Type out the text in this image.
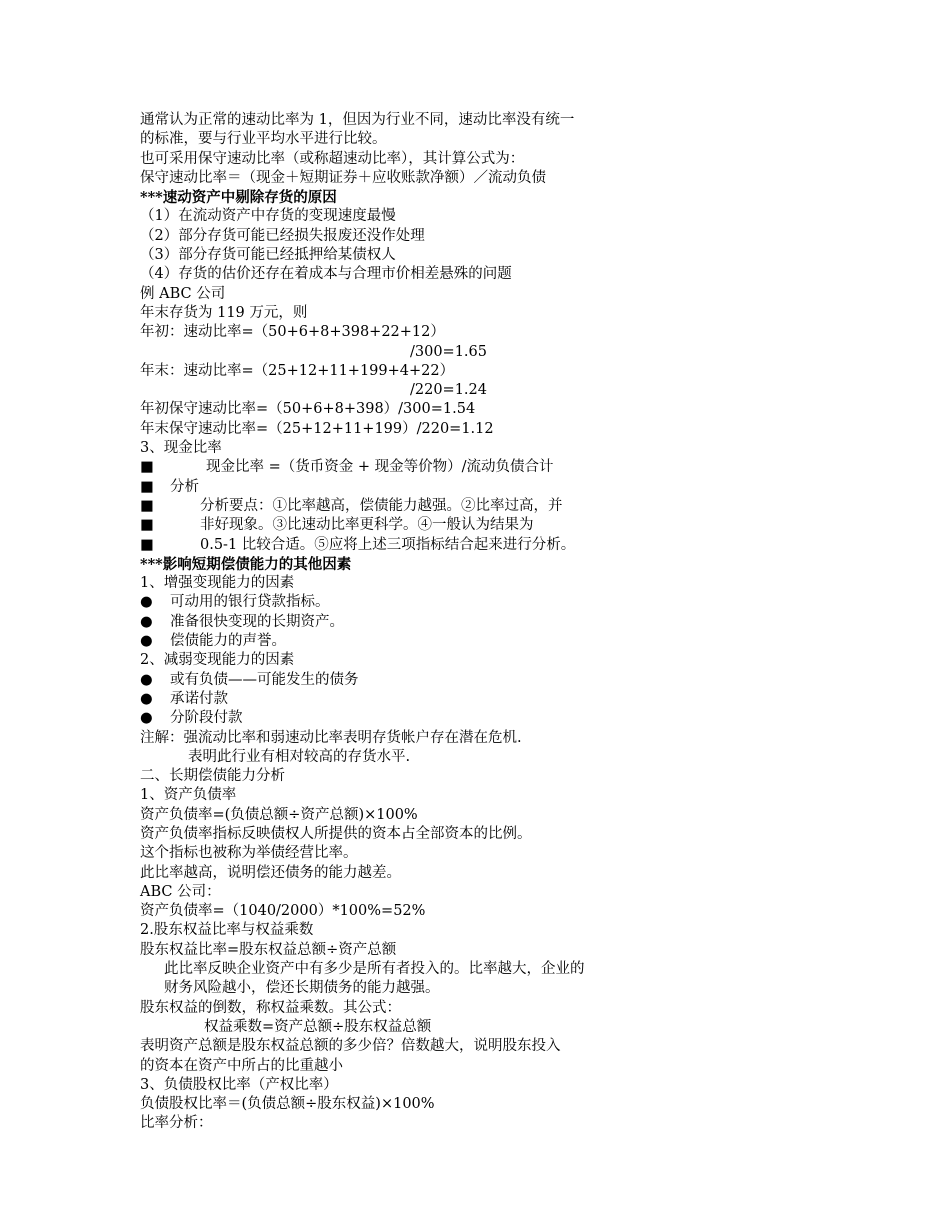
通常认为正常的速动比率为 1，但因为行业不同，速动比率没有统一
的标准，要与行业平均水平进行比较。
也可采用保守速动比率（或称超速动比率），其计算公式为：
保守速动比率＝（现金＋短期证券＋应收账款净额）／流动负债
***速动资产中剔除存货的原因
（1）在流动资产中存货的变现速度最慢
（2）部分存货可能已经损失报废还没作处理
（3）部分存货可能已经抵押给某债权人
（4）存货的估价还存在着成本与合理市价相差悬殊的问题
例 ABC 公司
年末存货为 119 万元，则
年初：速动比率=（50+6+8+398+22+12）
/300=1.65
年末：速动比率=（25+12+11+199+4+22）
/220=1.24
年初保守速动比率=（50+6+8+398）/300=1.54
年末保守速动比率=（25+12+11+199）/220=1.12
3、现金比率
■	现金比率 =（货币资金 + 现金等价物）/流动负债合计
■ 分析
■	分析要点：①比率越高，偿债能力越强。②比率过高，并
■	非好现象。③比速动比率更科学。④一般认为结果为
■	0.5-1 比较合适。⑤应将上述三项指标结合起来进行分析。
***影响短期偿债能力的其他因素
1、增强变现能力的因素
● 可动用的银行贷款指标。
● 准备很快变现的长期资产。
● 偿债能力的声誉。
2、减弱变现能力的因素
● 或有负债——可能发生的债务
● 承诺付款
● 分阶段付款
注解：强流动比率和弱速动比率表明存货帐户存在潜在危机.
表明此行业有相对较高的存货水平.
二、长期偿债能力分析
1、资产负债率
资产负债率=(负债总额÷资产总额)×100%
资产负债率指标反映债权人所提供的资本占全部资本的比例。
这个指标也被称为举债经营比率。
此比率越高，说明偿还债务的能力越差。
ABC 公司：
资产负债率=（1040/2000）*100%=52%
2.股东权益比率与权益乘数
股东权益比率=股东权益总额÷资产总额
此比率反映企业资产中有多少是所有者投入的。比率越大，企业的
财务风险越小，偿还长期债务的能力越强。
股东权益的倒数，称权益乘数。其公式：
权益乘数=资产总额÷股东权益总额
表明资产总额是股东权益总额的多少倍？倍数越大，说明股东投入
的资本在资产中所占的比重越小
3、负债股权比率（产权比率）
负债股权比率＝(负债总额÷股东权益)×100%
比率分析：
